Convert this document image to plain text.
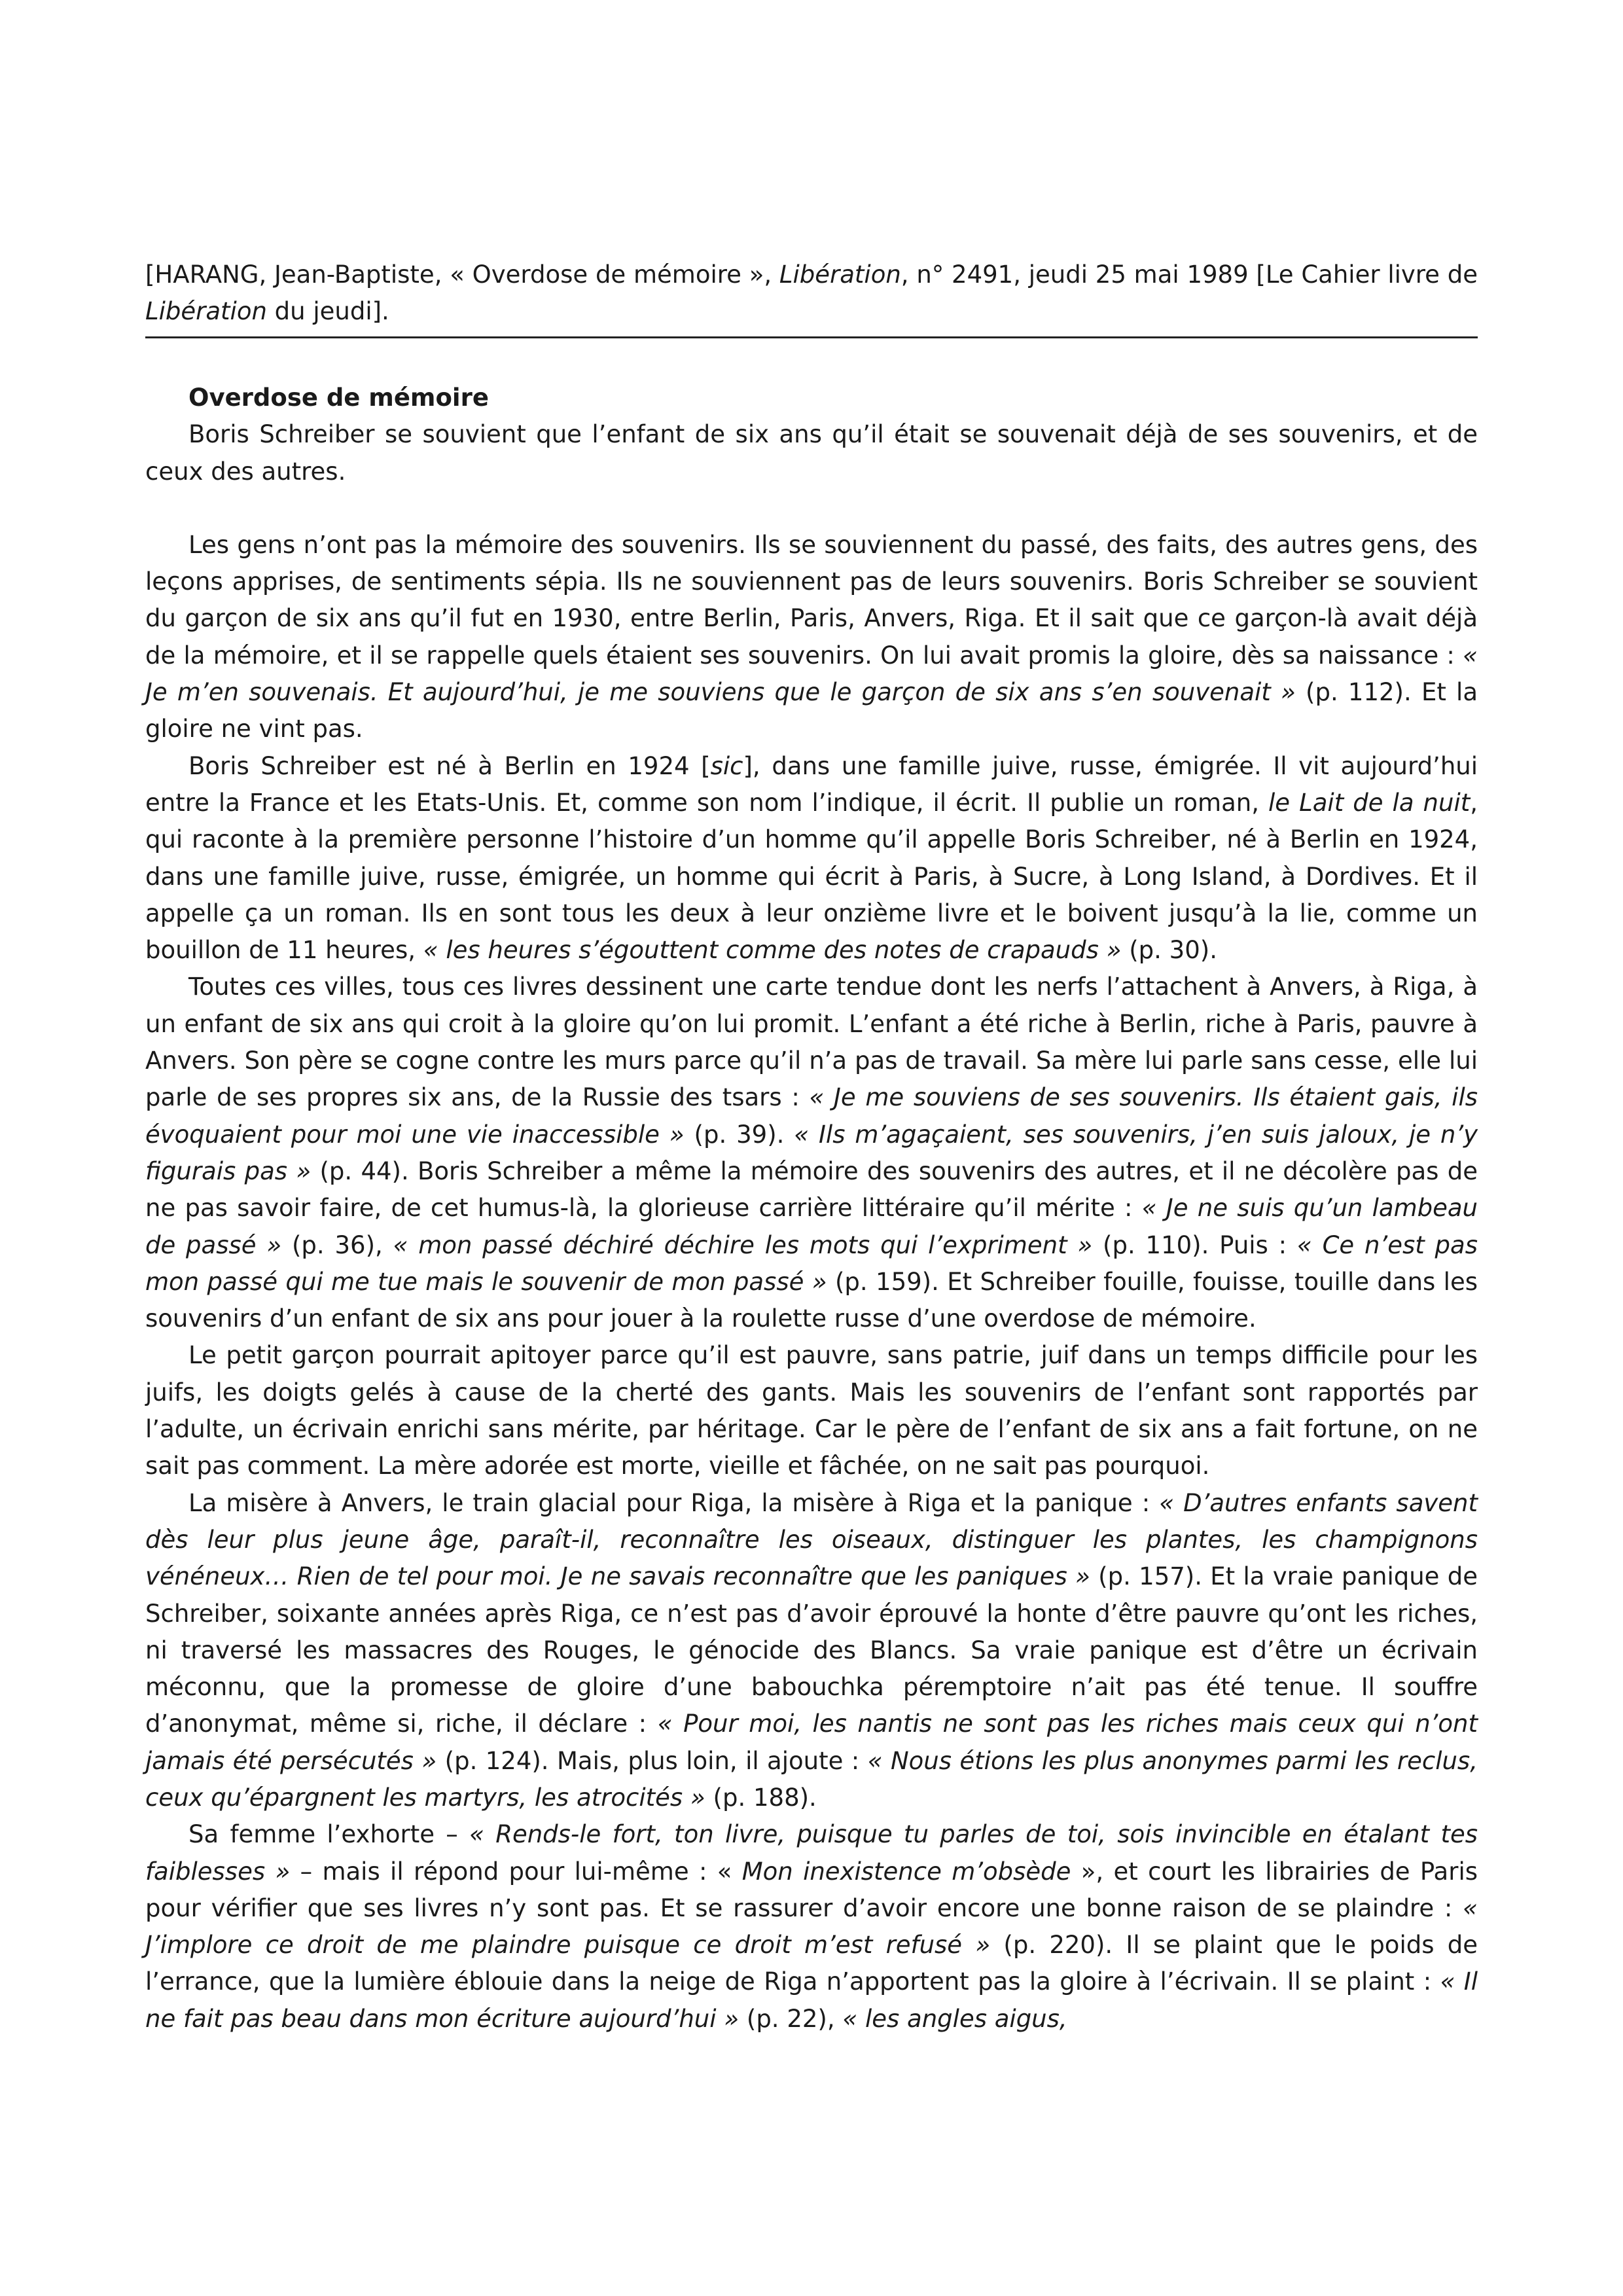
[HARANG, Jean-Baptiste, « Overdose de mémoire », Libération, n° 2491, jeudi 25 mai 1989 [Le Cahier livre de Libération du jeudi].
Overdose de mémoire

Boris Schreiber se souvient que l’enfant de six ans qu’il était se souvenait déjà de ses souvenirs, et de ceux des autres.

Les gens n’ont pas la mémoire des souvenirs. Ils se souviennent du passé, des faits, des autres gens, des leçons apprises, de sentiments sépia. Ils ne souviennent pas de leurs souvenirs. Boris Schreiber se souvient du garçon de six ans qu’il fut en 1930, entre Berlin, Paris, Anvers, Riga. Et il sait que ce garçon-là avait déjà de la mémoire, et il se rappelle quels étaient ses souvenirs. On lui avait promis la gloire, dès sa naissance : « Je m’en souvenais. Et aujourd’hui, je me souviens que le garçon de six ans s’en souvenait » (p. 112). Et la gloire ne vint pas.

Boris Schreiber est né à Berlin en 1924 [sic], dans une famille juive, russe, émigrée. Il vit aujourd’hui entre la France et les Etats-Unis. Et, comme son nom l’indique, il écrit. Il publie un roman, le Lait de la nuit, qui raconte à la première personne l’histoire d’un homme qu’il appelle Boris Schreiber, né à Berlin en 1924, dans une famille juive, russe, émigrée, un homme qui écrit à Paris, à Sucre, à Long Island, à Dordives. Et il appelle ça un roman. Ils en sont tous les deux à leur onzième livre et le boivent jusqu’à la lie, comme un bouillon de 11 heures, « les heures s’égouttent comme des notes de crapauds » (p. 30).

Toutes ces villes, tous ces livres dessinent une carte tendue dont les nerfs l’attachent à Anvers, à Riga, à un enfant de six ans qui croit à la gloire qu’on lui promit. L’enfant a été riche à Berlin, riche à Paris, pauvre à Anvers. Son père se cogne contre les murs parce qu’il n’a pas de travail. Sa mère lui parle sans cesse, elle lui parle de ses propres six ans, de la Russie des tsars : « Je me souviens de ses souvenirs. Ils étaient gais, ils évoquaient pour moi une vie inaccessible » (p. 39). « Ils m’agaçaient, ses souvenirs, j’en suis jaloux, je n’y figurais pas » (p. 44). Boris Schreiber a même la mémoire des souvenirs des autres, et il ne décolère pas de ne pas savoir faire, de cet humus-là, la glorieuse carrière littéraire qu’il mérite : « Je ne suis qu’un lambeau de passé » (p. 36), « mon passé déchiré déchire les mots qui l’expriment » (p. 110). Puis : « Ce n’est pas mon passé qui me tue mais le souvenir de mon passé » (p. 159). Et Schreiber fouille, fouisse, touille dans les souvenirs d’un enfant de six ans pour jouer à la roulette russe d’une overdose de mémoire.

Le petit garçon pourrait apitoyer parce qu’il est pauvre, sans patrie, juif dans un temps difficile pour les juifs, les doigts gelés à cause de la cherté des gants. Mais les souvenirs de l’enfant sont rapportés par l’adulte, un écrivain enrichi sans mérite, par héritage. Car le père de l’enfant de six ans a fait fortune, on ne sait pas comment. La mère adorée est morte, vieille et fâchée, on ne sait pas pourquoi.

La misère à Anvers, le train glacial pour Riga, la misère à Riga et la panique : « D’autres enfants savent dès leur plus jeune âge, paraît-il, reconnaître les oiseaux, distinguer les plantes, les champignons vénéneux… Rien de tel pour moi. Je ne savais reconnaître que les paniques » (p. 157). Et la vraie panique de Schreiber, soixante années après Riga, ce n’est pas d’avoir éprouvé la honte d’être pauvre qu’ont les riches, ni traversé les massacres des Rouges, le génocide des Blancs. Sa vraie panique est d’être un écrivain méconnu, que la promesse de gloire d’une babouchka péremptoire n’ait pas été tenue. Il souffre d’anonymat, même si, riche, il déclare : « Pour moi, les nantis ne sont pas les riches mais ceux qui n’ont jamais été persécutés » (p. 124). Mais, plus loin, il ajoute : « Nous étions les plus anonymes parmi les reclus, ceux qu’épargnent les martyrs, les atrocités » (p. 188).

Sa femme l’exhorte – « Rends-le fort, ton livre, puisque tu parles de toi, sois invincible en étalant tes faiblesses » – mais il répond pour lui-même : « Mon inexistence m’obsède », et court les librairies de Paris pour vérifier que ses livres n’y sont pas. Et se rassurer d’avoir encore une bonne raison de se plaindre : « J’implore ce droit de me plaindre puisque ce droit m’est refusé » (p. 220). Il se plaint que le poids de l’errance, que la lumière éblouie dans la neige de Riga n’apportent pas la gloire à l’écrivain. Il se plaint : « Il ne fait pas beau dans mon écriture aujourd’hui » (p. 22), « les angles aigus,
